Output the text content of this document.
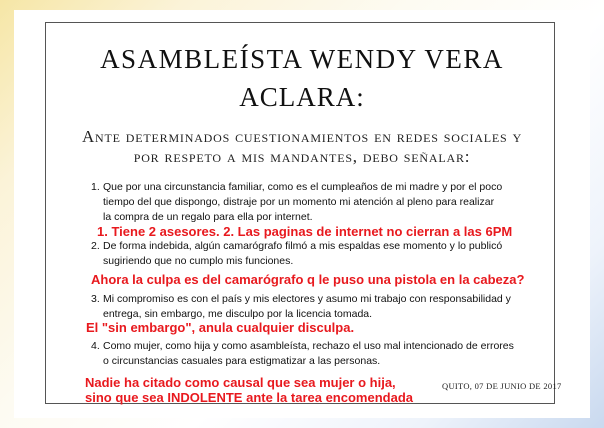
ASAMBLEÍSTA WENDY VERA
ACLARA:
Ante determinados cuestionamientos en redes sociales y
por respeto a mis mandantes, debo señalar:
1. Que por una circunstancia familiar, como es el cumpleaños de mi madre y por el poco
tiempo del que dispongo, distraje por un momento mi atención al pleno para realizar
la compra de un regalo para ella por internet.
1. Tiene 2 asesores. 2. Las paginas de internet no cierran a las 6PM
2. De forma indebida, algún camarógrafo filmó a mis espaldas ese momento y lo publicó
sugiriendo que no cumplo mis funciones.
Ahora la culpa es del camarógrafo q le puso una pistola en la cabeza?
3. Mi compromiso es con el país y mis electores y asumo mi trabajo con responsabilidad y
entrega, sin embargo, me disculpo por la licencia tomada.
El "sin embargo", anula cualquier disculpa.
4. Como mujer, como hija y como asambleísta, rechazo el uso mal intencionado de errores
o circunstancias casuales para estigmatizar a las personas.
QUITO, 07 DE JUNIO DE 2017
Nadie ha citado como causal que sea mujer o hija,
sino que sea INDOLENTE ante la tarea encomendada
